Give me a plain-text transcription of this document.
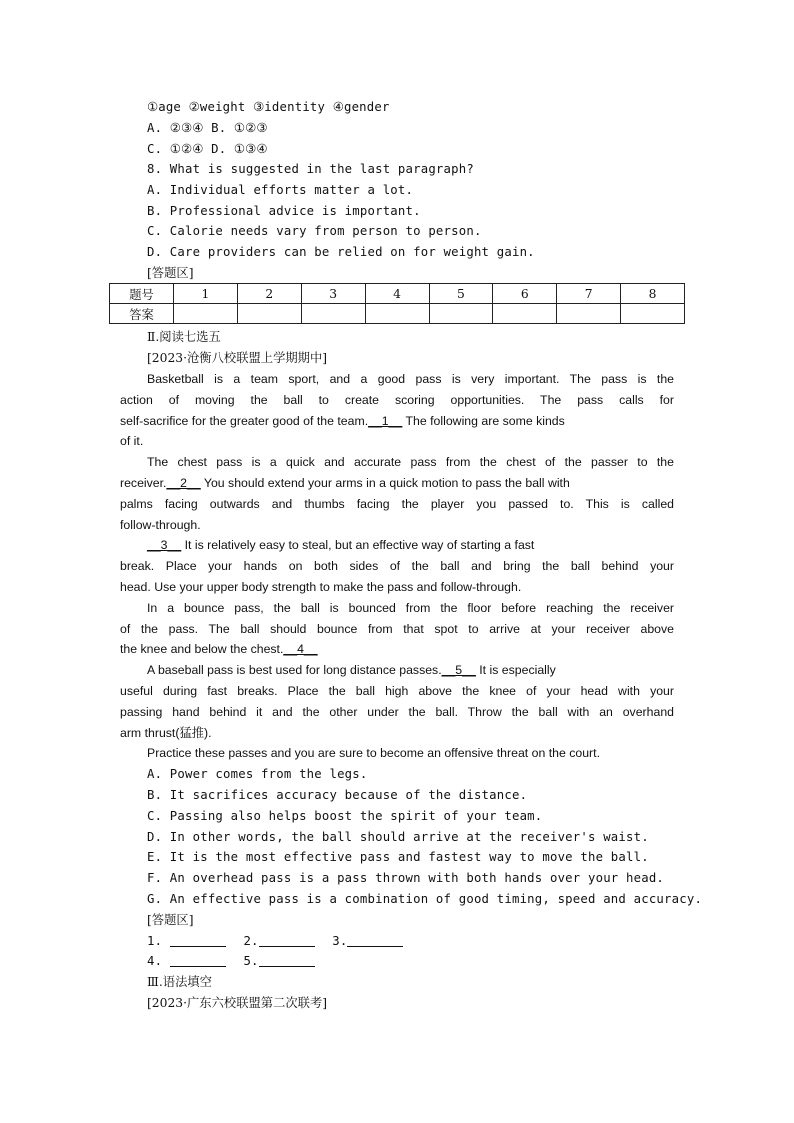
①age ②weight ③identity ④gender
A. ②③④ B. ①②③
C. ①②④ D. ①③④
8. What is suggested in the last paragraph?
A. Individual efforts matter a lot.
B. Professional advice is important.
C. Calorie needs vary from person to person.
D. Care providers can be relied on for weight gain.
[答题区]
题号	1	2	3	4	5	6	7	8
答案								
Ⅱ.阅读七选五
[2023·沧衡八校联盟上学期期中]
Basketball is a team sport, and a good pass is very important. The pass is the
action of moving the ball to create scoring opportunities. The pass calls for
self-sacrifice for the greater good of the team.__1__ The following are some kinds
of it.
The chest pass is a quick and accurate pass from the chest of the passer to the
receiver.__2__ You should extend your arms in a quick motion to pass the ball with
palms facing outwards and thumbs facing the player you passed to. This is called
follow-through.
__3__ It is relatively easy to steal, but an effective way of starting a fast
break. Place your hands on both sides of the ball and bring the ball behind your
head. Use your upper body strength to make the pass and follow-through.
In a bounce pass, the ball is bounced from the floor before reaching the receiver
of the pass. The ball should bounce from that spot to arrive at your receiver above
the knee and below the chest.__4__
A baseball pass is best used for long distance passes.__5__ It is especially
useful during fast breaks. Place the ball high above the knee of your head with your
passing hand behind it and the other under the ball. Throw the ball with an overhand
arm thrust(猛推).
Practice these passes and you are sure to become an offensive threat on the court.
A. Power comes from the legs.
B. It sacrifices accuracy because of the distance.
C. Passing also helps boost the spirit of your team.
D. In other words, the ball should arrive at the receiver's waist.
E. It is the most effective pass and fastest way to move the ball.
F. An overhead pass is a pass thrown with both hands over your head.
G. An effective pass is a combination of good timing, speed and accuracy.
[答题区]
1.	2.	3.
4.	5.
Ⅲ.语法填空
[2023·广东六校联盟第二次联考]
